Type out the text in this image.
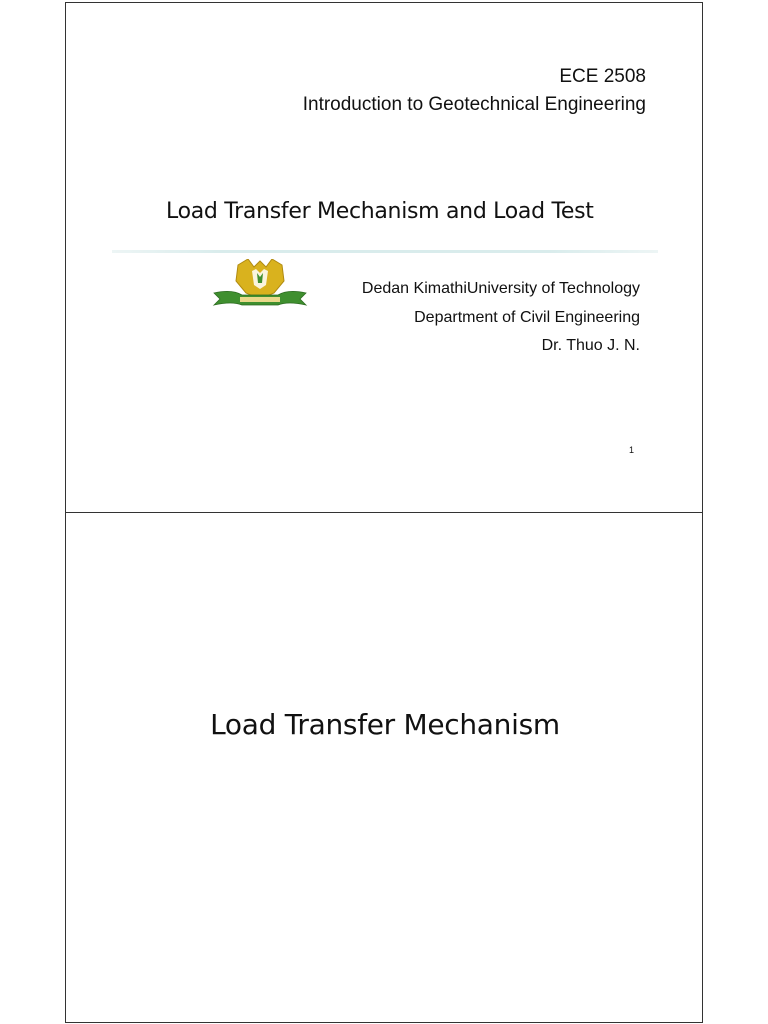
ECE 2508
Introduction to Geotechnical Engineering
Load Transfer Mechanism and Load Test
Dedan KimathiUniversity of Technology
Department of Civil Engineering
Dr. Thuo J. N.
1
Load Transfer Mechanism
